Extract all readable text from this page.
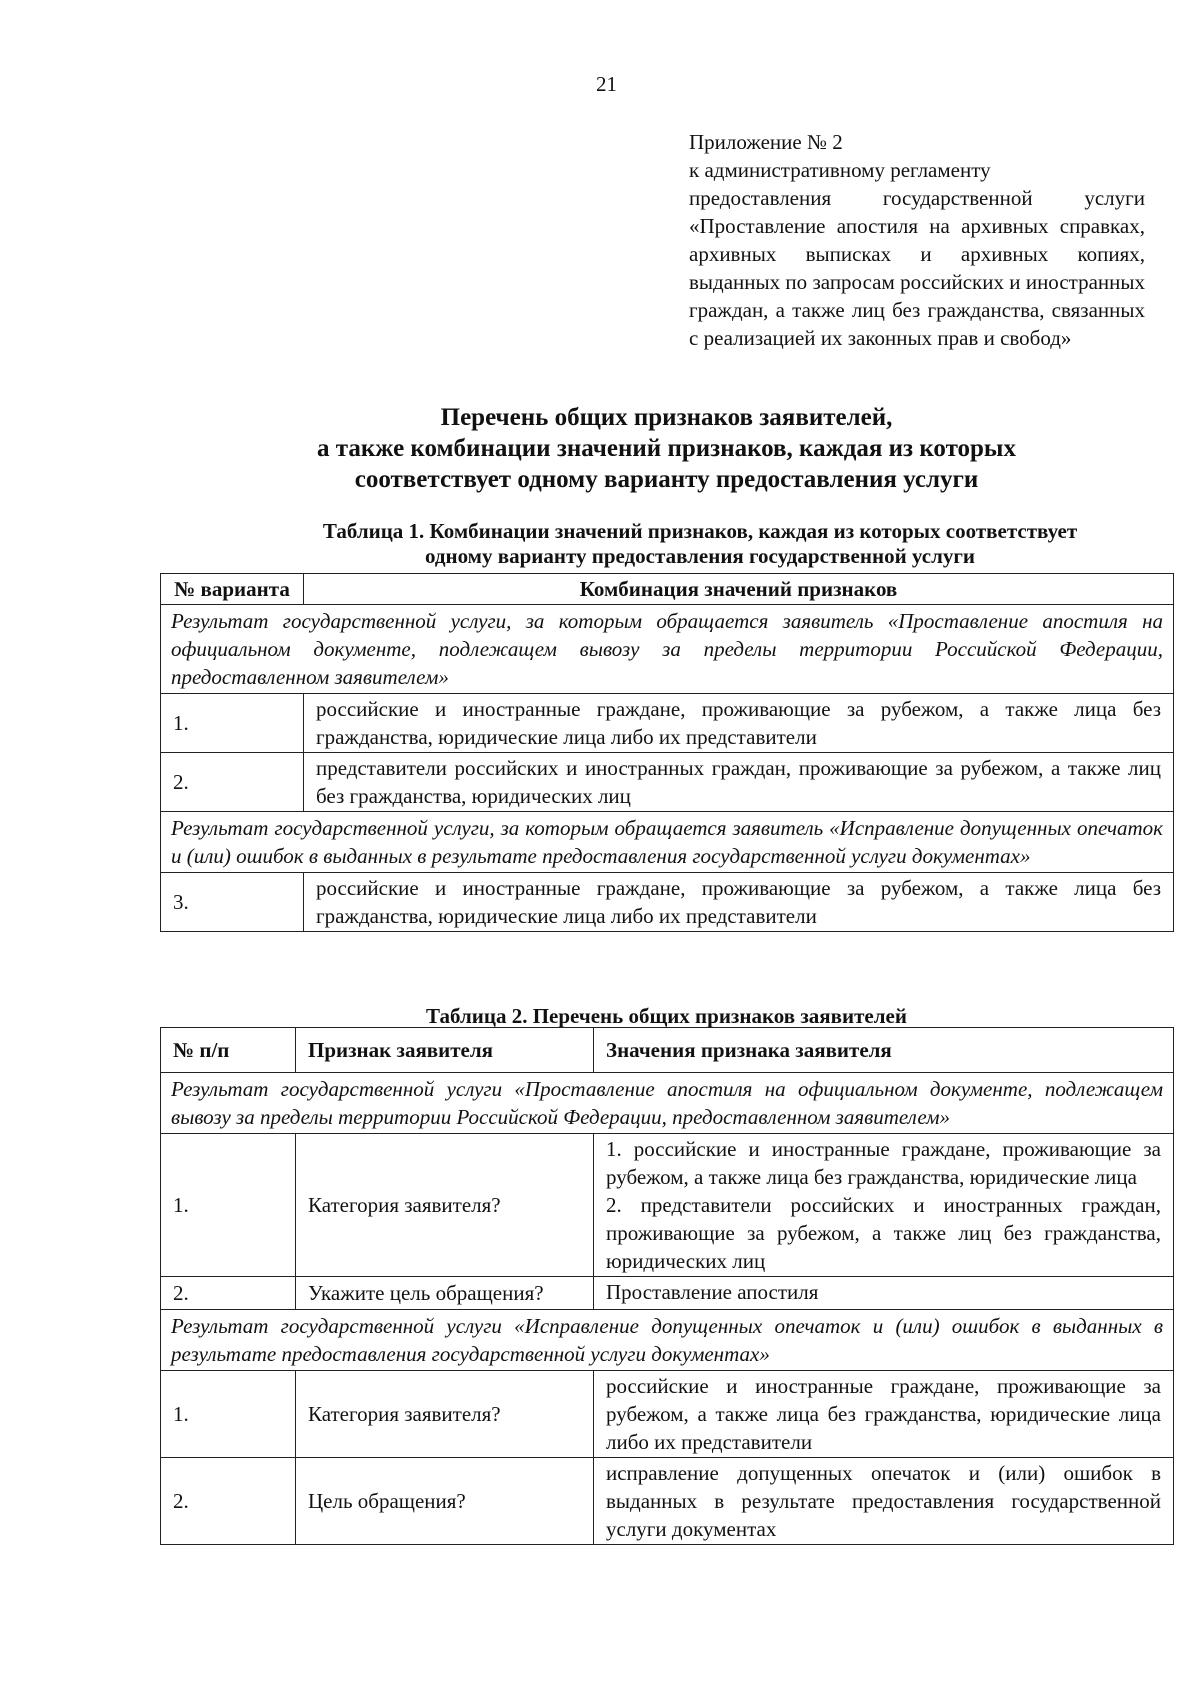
21
Приложение № 2
к административному регламенту
предоставления государственной услуги «Проставление апостиля на архивных справках, архивных выписках и архивных копиях, выданных по запросам российских и иностранных граждан, а также лиц без гражданства, связанных с реализацией их законных прав и свобод»
Перечень общих признаков заявителей,
а также комбинации значений признаков, каждая из которых
соответствует одному варианту предоставления услуги
Таблица 1. Комбинации значений признаков, каждая из которых соответствует
одному варианту предоставления государственной услуги
№ варианта	Комбинация значений признаков
Результат государственной услуги, за которым обращается заявитель «Проставление апостиля на официальном документе, подлежащем вывозу за пределы территории Российской Федерации, предоставленном заявителем»	
1.	российские и иностранные граждане, проживающие за рубежом, а также лица без гражданства, юридические лица либо их представители
2.	представители российских и иностранных граждан, проживающие за рубежом, а также лиц без гражданства, юридических лиц
Результат государственной услуги, за которым обращается заявитель «Исправление допущенных опечаток и (или) ошибок в выданных в результате предоставления государственной услуги документах»	
3.	российские и иностранные граждане, проживающие за рубежом, а также лица без гражданства, юридические лица либо их представители
Таблица 2. Перечень общих признаков заявителей
№ п/п	Признак заявителя	Значения признака заявителя
Результат государственной услуги «Проставление апостиля на официальном документе, подлежащем вывозу за пределы территории Российской Федерации, предоставленном заявителем»		
1.	Категория заявителя?	1. российские и иностранные граждане, проживающие за рубежом, а также лица без гражданства, юридические лица
2. представители российских и иностранных граждан, проживающие за рубежом, а также лиц без гражданства, юридических лиц

2.	Укажите цель обращения?	Проставление апостиля
Результат государственной услуги «Исправление допущенных опечаток и (или) ошибок в выданных в результате предоставления государственной услуги документах»		
1.	Категория заявителя?	российские и иностранные граждане, проживающие за рубежом, а также лица без гражданства, юридические лица либо их представители
2.	Цель обращения?	исправление допущенных опечаток и (или) ошибок в выданных в результате предоставления государственной услуги документах
